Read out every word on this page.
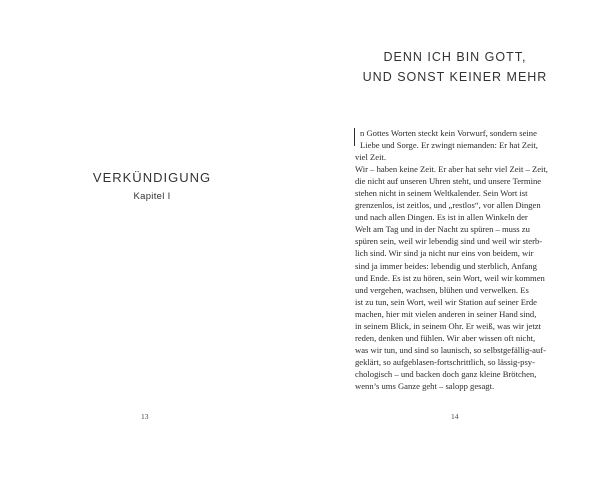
VERKÜNDIGUNG
Kapitel I
13
DENN ICH BIN GOTT,
UND SONST KEINER MEHR
n Gottes Worten steckt kein Vorwurf, sondern seine
Liebe und Sorge. Er zwingt niemanden: Er hat Zeit,
viel Zeit.
Wir – haben keine Zeit. Er aber hat sehr viel Zeit – Zeit,
die nicht auf unseren Uhren steht, und unsere Termine
stehen nicht in seinem Weltkalender. Sein Wort ist
grenzenlos, ist zeitlos, und „restlos“, vor allen Dingen
und nach allen Dingen. Es ist in allen Winkeln der
Welt am Tag und in der Nacht zu spüren – muss zu
spüren sein, weil wir lebendig sind und weil wir sterb-
lich sind. Wir sind ja nicht nur eins von beidem, wir
sind ja immer beides: lebendig und sterblich, Anfang
und Ende. Es ist zu hören, sein Wort, weil wir kommen
und vergehen, wachsen, blühen und verwelken. Es
ist zu tun, sein Wort, weil wir Station auf seiner Erde
machen, hier mit vielen anderen in seiner Hand sind,
in seinem Blick, in seinem Ohr. Er weiß, was wir jetzt
reden, denken und fühlen. Wir aber wissen oft nicht,
was wir tun, und sind so launisch, so selbstgefällig-auf-
geklärt, so aufgeblasen-fortschrittlich, so lässig-psy-
chologisch – und backen doch ganz kleine Brötchen,
wenn’s ums Ganze geht – salopp gesagt.
14
